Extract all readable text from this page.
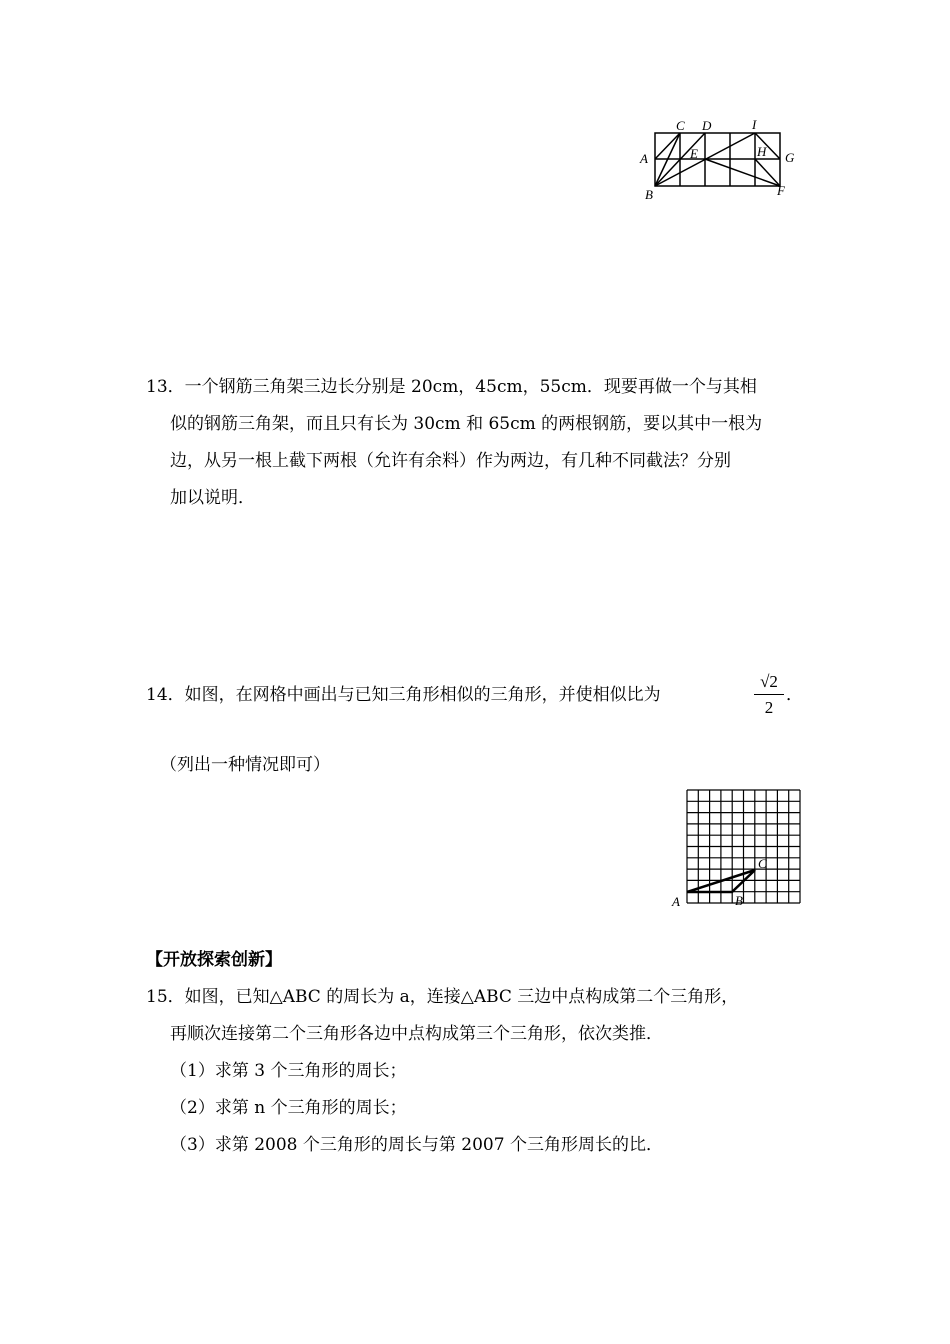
A
B
C D
E
I
H G
F
13．一个钢筋三角架三边长分别是 20cm，45cm，55cm．现要再做一个与其相
似的钢筋三角架，而且只有长为 30cm 和 65cm 的两根钢筋，要以其中一根为
边，从另一根上截下两根（允许有余料）作为两边，有几种不同截法？分别
加以说明．
14．如图，在网格中画出与已知三角形相似的三角形，并使相似比为
√2
2
．
（列出一种情况即可）
A	B
C
【开放探索创新】
15．如图，已知△ABC 的周长为 a，连接△ABC 三边中点构成第二个三角形，
再顺次连接第二个三角形各边中点构成第三个三角形，依次类推．
（1）求第 3 个三角形的周长；
（2）求第 n 个三角形的周长；
（3）求第 2008 个三角形的周长与第 2007 个三角形周长的比．
